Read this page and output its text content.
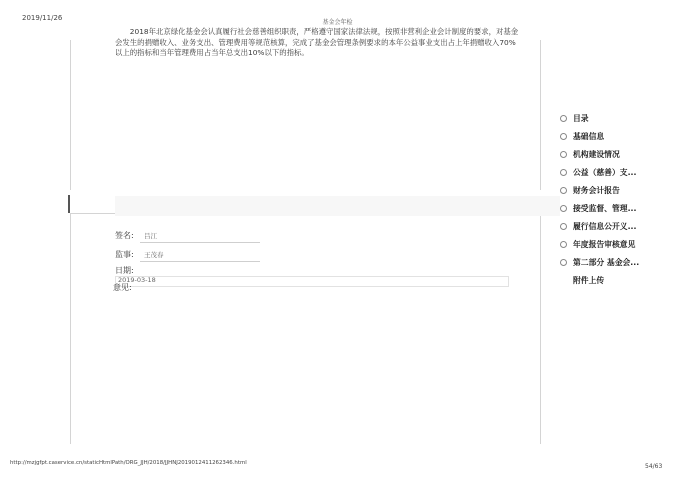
2019/11/26
基金会年检

2018年北京绿化基金会认真履行社会慈善组织职责，严格遵守国家法律法规，按照非营利企业会计制度的要求，对基金会发生的捐赠收入、业务支出、管理费用等规范核算，完成了基金会管理条例要求的本年公益事业支出占上年捐赠收入70%以上的指标和当年管理费用占当年总支出10%以下的指标。

签名: 吕江
监事: 王茂春
日期:
2019-03-18
意见:
目录
基础信息
机构建设情况
公益（慈善）支...
财务会计报告
接受监督、管理...
履行信息公开义...
年度报告审核意见
第二部分 基金会...
附件上传
http://mzjgfpt.caservice.cn/staticHtmlPath/ORG_JJH/2018/JJHNJ2019012411262346.html	54/63
